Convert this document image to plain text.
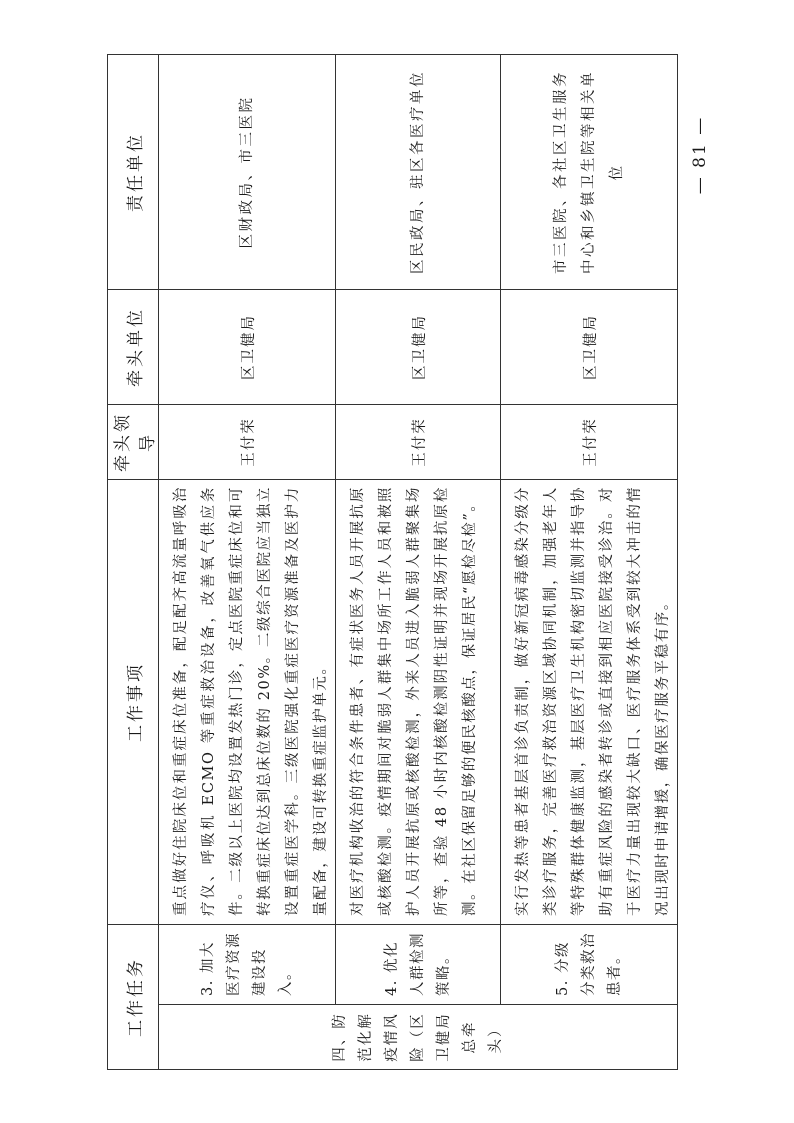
工作任务		工作事项	牵头领导	牵头单位	责任单位
四、防范化解疫情风险（区卫健局总牵头）	3. 加大医疗资源建设投入。	重点做好住院床位和重症床位准备，配足配齐高流量呼吸治疗仪、呼吸机 ECMO 等重症救治设备，改善氧气供应条件。二级以上医院均设置发热门诊，定点医院重症床位和可转换重症床位达到总床位数的 20%。二级综合医院应当独立设置重症医学科。三级医院强化重症医疗资源准备及医护力量配备，建设可转换重症监护单元。	王付荣	区卫健局	区财政局、市三医院
	4. 优化人群检测策略。	对医疗机构收治的符合条件患者、有症状医务人员开展抗原或核酸检测。疫情期间对脆弱人群集中场所工作人员和被照护人员开展抗原或核酸检测，外来人员进入脆弱人群聚集场所等，查验 48 小时内核酸检测阴性证明并现场开展抗原检测。在社区保留足够的便民核酸点，保证居民“愿检尽检”。	王付荣	区卫健局	区民政局、驻区各医疗单位
	5. 分级分类救治患者。	实行发热等患者基层首诊负责制，做好新冠病毒感染分级分类诊疗服务，完善医疗救治资源区域协同机制，加强老年人等特殊群体健康监测，基层医疗卫生机构密切监测并指导协助有重症风险的感染者转诊或直接到相应医院接受诊治。对于医疗力量出现较大缺口、医疗服务体系受到较大冲击的情况出现时申请增援，确保医疗服务平稳有序。	王付荣	区卫健局	市三医院、各社区卫生服务中心和乡镇卫生院等相关单位	— 81 —
